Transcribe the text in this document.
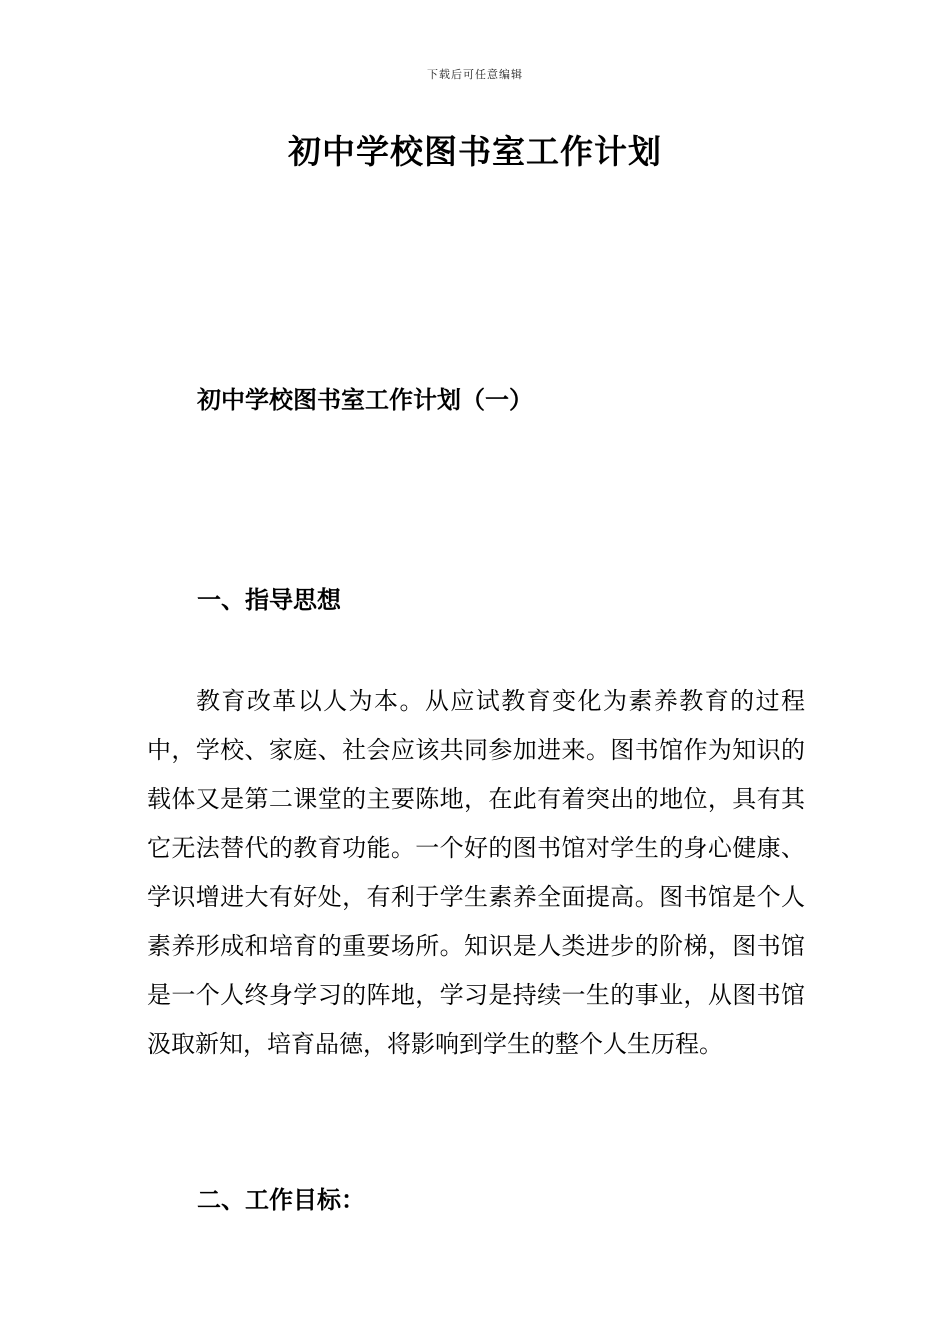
下载后可任意编辑
初中学校图书室工作计划
初中学校图书室工作计划（一）
一、指导思想

教育改革以人为本。从应试教育变化为素养教育的过程中，学校、家庭、社会应该共同参加进来。图书馆作为知识的载体又是第二课堂的主要陈地，在此有着突出的地位，具有其它无法替代的教育功能。一个好的图书馆对学生的身心健康、学识增进大有好处，有利于学生素养全面提高。图书馆是个人素养形成和培育的重要场所。知识是人类进步的阶梯，图书馆是一个人终身学习的阵地，学习是持续一生的事业，从图书馆汲取新知，培育品德，将影响到学生的整个人生历程。

二、工作目标：
